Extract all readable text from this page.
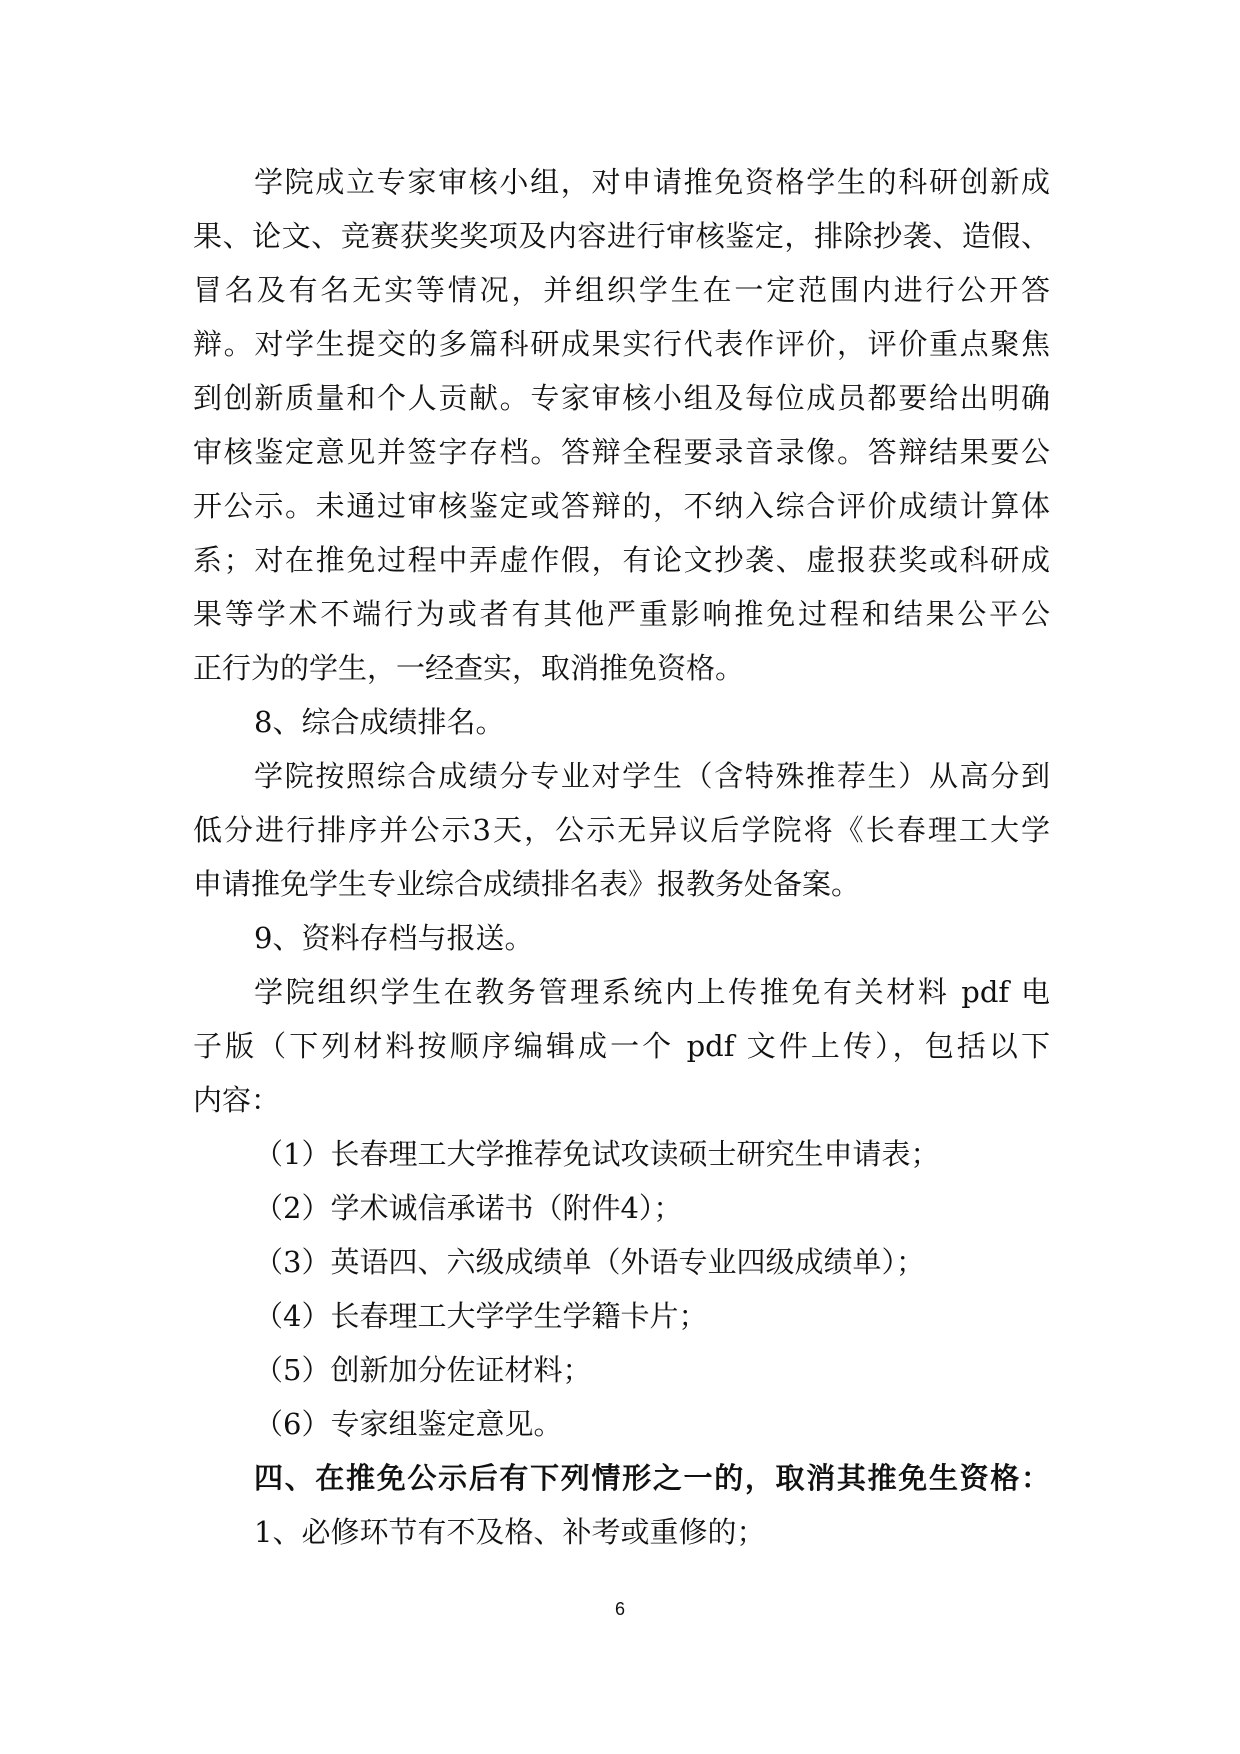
学院成立专家审核小组，对申请推免资格学生的科研创新成
果、论文、竞赛获奖奖项及内容进行审核鉴定，排除抄袭、造假、
冒名及有名无实等情况，并组织学生在一定范围内进行公开答
辩。对学生提交的多篇科研成果实行代表作评价，评价重点聚焦
到创新质量和个人贡献。专家审核小组及每位成员都要给出明确
审核鉴定意见并签字存档。答辩全程要录音录像。答辩结果要公
开公示。未通过审核鉴定或答辩的，不纳入综合评价成绩计算体
系；对在推免过程中弄虚作假，有论文抄袭、虚报获奖或科研成
果等学术不端行为或者有其他严重影响推免过程和结果公平公
正行为的学生，一经查实，取消推免资格。
8、综合成绩排名。
学院按照综合成绩分专业对学生（含特殊推荐生）从高分到
低分进行排序并公示3天，公示无异议后学院将《长春理工大学
申请推免学生专业综合成绩排名表》报教务处备案。
9、资料存档与报送。
学院组织学生在教务管理系统内上传推免有关材料 pdf 电
子版（下列材料按顺序编辑成一个 pdf 文件上传），包括以下
内容：
（1）长春理工大学推荐免试攻读硕士研究生申请表；
（2）学术诚信承诺书（附件4）；
（3）英语四、六级成绩单（外语专业四级成绩单）；
（4）长春理工大学学生学籍卡片；
（5）创新加分佐证材料；
（6）专家组鉴定意见。
四、在推免公示后有下列情形之一的，取消其推免生资格：
1、必修环节有不及格、补考或重修的；
6
